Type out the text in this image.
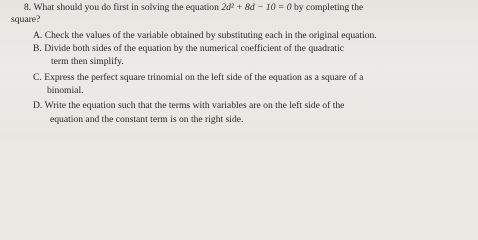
8. What should you do first in solving the equation 2d² + 8d − 10 = 0 by completing the
square?
A. Check the values of the variable obtained by substituting each in the original equation.
B. Divide both sides of the equation by the numerical coefficient of the quadratic
term then simplify.
C. Express the perfect square trinomial on the left side of the equation as a square of a
binomial.
D. Write the equation such that the terms with variables are on the left side of the
equation and the constant term is on the right side.
